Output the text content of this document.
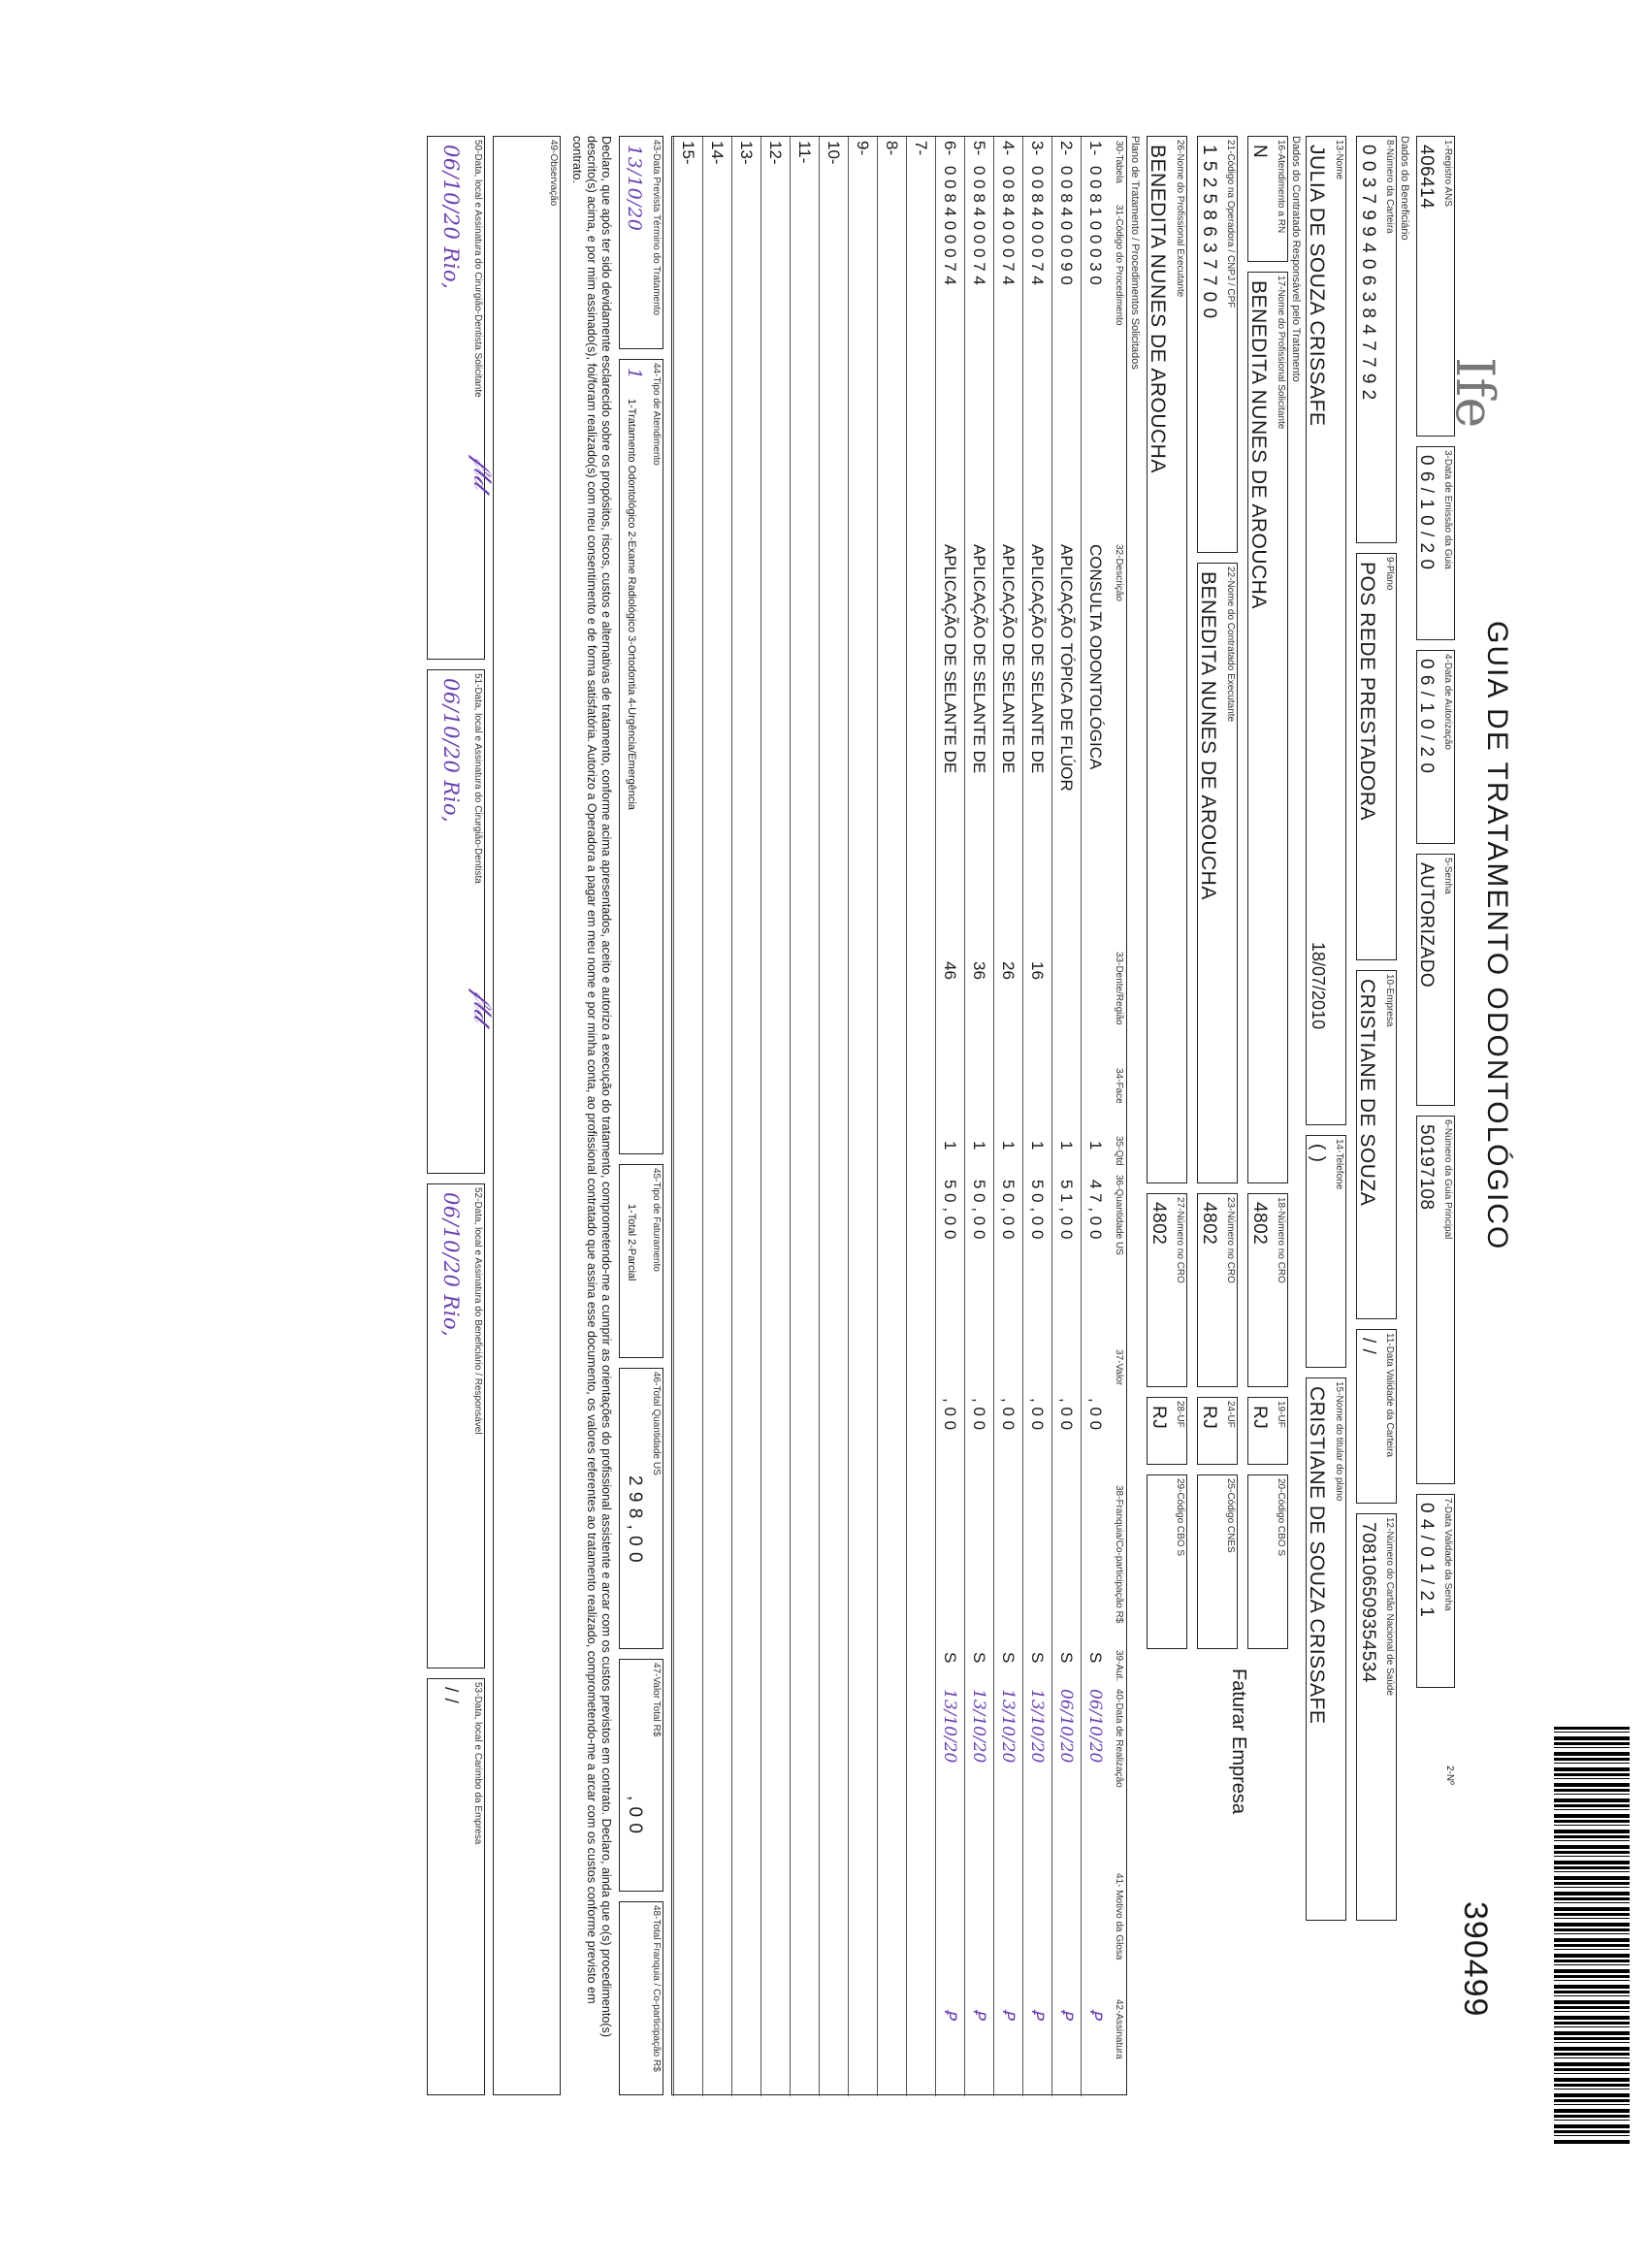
Ife
GUIA DE TRATAMENTO ODONTOLÓGICO
2-Nº
390499
1-Registro ANS
406414
3-Data de Emissão da Guia
0 6 / 1 0 / 2 0
4-Data de Autorização
0 6 / 1 0 / 2 0
5-Senha
AUTORIZADO
6-Número da Guia Principal
50197108
7-Data Validade da Senha
0 4 / 0 1 / 2 1
Dados do Beneficiário
8-Número da Carteira
0 0 3 7 9 9 4 0 6 3 8 4 7 7 9 2
9-Plano
POS REDE PRESTADORA
10-Empresa
CRISTIANE DE SOUZA
11-Data Validade da Carteira
/ /
12-Número do Cartão Nacional de Saúde
708106509354534
13-Nome
JULIA DE SOUZA CRISSAFE
18/07/2010
14-Telefone
( )
15-Nome do titular do plano
CRISTIANE DE SOUZA CRISSAFE
Dados do Contratado Responsável pelo Tratamento
16-Atendimento a RN
N
17-Nome do Profissional Solicitante
BENEDITA NUNES DE AROUCHA
18-Número no CRO
4802
19-UF
RJ
20-Código CBO S
Faturar Empresa
21-Código na Operadora / CNPJ / CPF
1 5 2 5 8 6 3 7 7 0 0
22-Nome do Contratado Executante
BENEDITA NUNES DE AROUCHA
23-Número no CRO
4802
24-UF
RJ
25-Código CNES
26-Nome do Profissional Executante
BENEDITA NUNES DE AROUCHA
27-Número no CRO
4802
28-UF
RJ
29-Código CBO S
Plano de Tratamento / Procedimentos Solicitados
30-Tabela
31-Código do Procedimento
32-Descrição
33-Dente/Região
34-Face
35-Qtd
36-Quantidade US
37-Valor
38-Franquia/Co-participação R$
39-Aut.
40-Data de Realização
41- Motivo da Glosa
42-Assinatura
1-
0 0 8 1 0 0 0 3 0
CONSULTA ODONTOLÓGICA
1
4 7 , 0 0
, 0 0
S
06/10/20
Ꝑ
2-
0 0 8 4 0 0 0 9 0
APLICAÇÃO TÓPICA DE FLÚOR
1
5 1 , 0 0
, 0 0
S
06/10/20
Ꝑ
3-
0 0 8 4 0 0 0 7 4
APLICAÇÃO DE SELANTE DE
16
1
5 0 , 0 0
, 0 0
S
13/10/20
Ꝑ
4-
0 0 8 4 0 0 0 7 4
APLICAÇÃO DE SELANTE DE
26
1
5 0 , 0 0
, 0 0
S
13/10/20
Ꝑ
5-
0 0 8 4 0 0 0 7 4
APLICAÇÃO DE SELANTE DE
36
1
5 0 , 0 0
, 0 0
S
13/10/20
Ꝑ
6-
0 0 8 4 0 0 0 7 4
APLICAÇÃO DE SELANTE DE
46
1
5 0 , 0 0
, 0 0
S
13/10/20
Ꝑ
7-
8-
9-
10-
11-
12-
13-
14-
15-
43-Data Prevista Término do Tratamento
13/10/20
44-Tipo de Atendimento
1
1-Tratamento Odontológico 2-Exame Radiológico 3-Ortodontia 4-Urgência/Emergência
45-Tipo de Faturamento
1-Total 2-Parcial
46-Total Quantidade US
2 9 8 , 0 0
47-Valor Total R$
, 0 0
48-Total Franquia / Co-participação R$
Declaro, que após ter sido devidamente esclarecido sobre os propósitos, riscos, custos e alternativas de tratamento, conforme acima apresentados, aceito e autorizo a execução do tratamento, comprometendo-me a cumprir as orientações do profissional assistente e arcar com os custos previstos em contrato. Declaro, ainda que o(s) procedimento(s) descrito(s) acima, e por mim assinado(s), foi/foram realizado(s) com meu consentimento e de forma satisfatória. Autorizo a Operadora a pagar em meu nome e por minha conta, ao profissional contratado que assina esse documento, os valores referentes ao tratamento realizado, comprometendo-me a arcar com os custos conforme previsto em contrato.
49-Observação
50-Data, local e Assinatura do Cirurgião-Dentista Solicitante
06/10/20 Rio,
51-Data, local e Assinatura do Cirurgião-Dentista
06/10/20 Rio,
52-Data, local e Assinatura do Beneficiário / Responsável
06/10/20 Rio,
53-Data, local e Carimbo da Empresa
/ /
𝒻𝓁𝒹
𝒻𝓁𝒹
